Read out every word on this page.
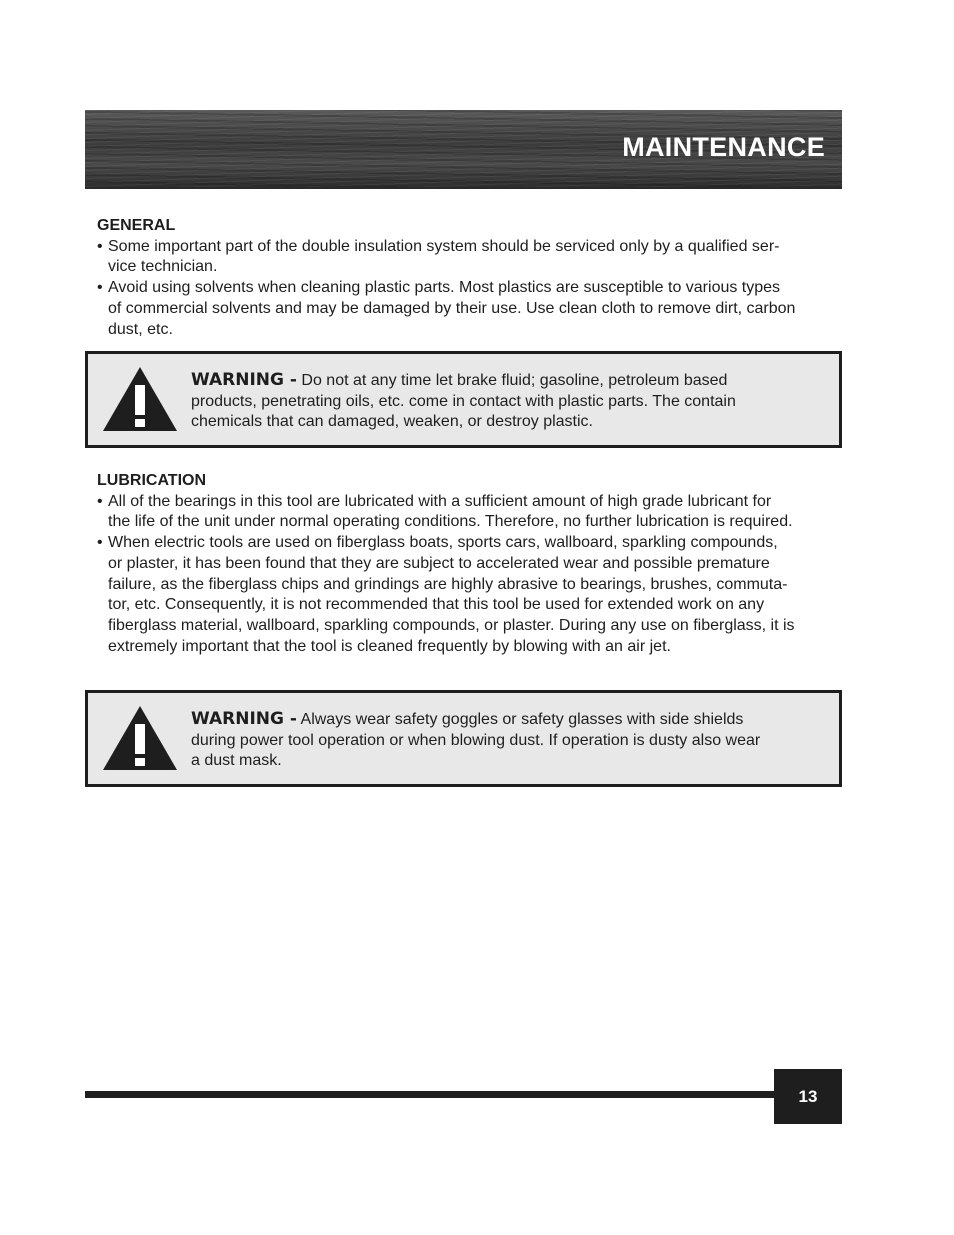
MAINTENANCE
GENERAL
• Some important part of the double insulation system should be serviced only by a qualified ser-
vice technician.
• Avoid using solvents when cleaning plastic parts. Most plastics are susceptible to various types
of commercial solvents and may be damaged by their use. Use clean cloth to remove dirt, carbon
dust, etc.
WARNING - Do not at any time let brake fluid; gasoline, petroleum based
products, penetrating oils, etc. come in contact with plastic parts. The contain
chemicals that can damaged, weaken, or destroy plastic.
LUBRICATION
• All of the bearings in this tool are lubricated with a sufficient amount of high grade lubricant for
the life of the unit under normal operating conditions. Therefore, no further lubrication is required.
• When electric tools are used on fiberglass boats, sports cars, wallboard, sparkling compounds,
or plaster, it has been found that they are subject to accelerated wear and possible premature
failure, as the fiberglass chips and grindings are highly abrasive to bearings, brushes, commuta-
tor, etc. Consequently, it is not recommended that this tool be used for extended work on any
fiberglass material, wallboard, sparkling compounds, or plaster. During any use on fiberglass, it is
extremely important that the tool is cleaned frequently by blowing with an air jet.
WARNING - Always wear safety goggles or safety glasses with side shields
during power tool operation or when blowing dust. If operation is dusty also wear
a dust mask.
13
